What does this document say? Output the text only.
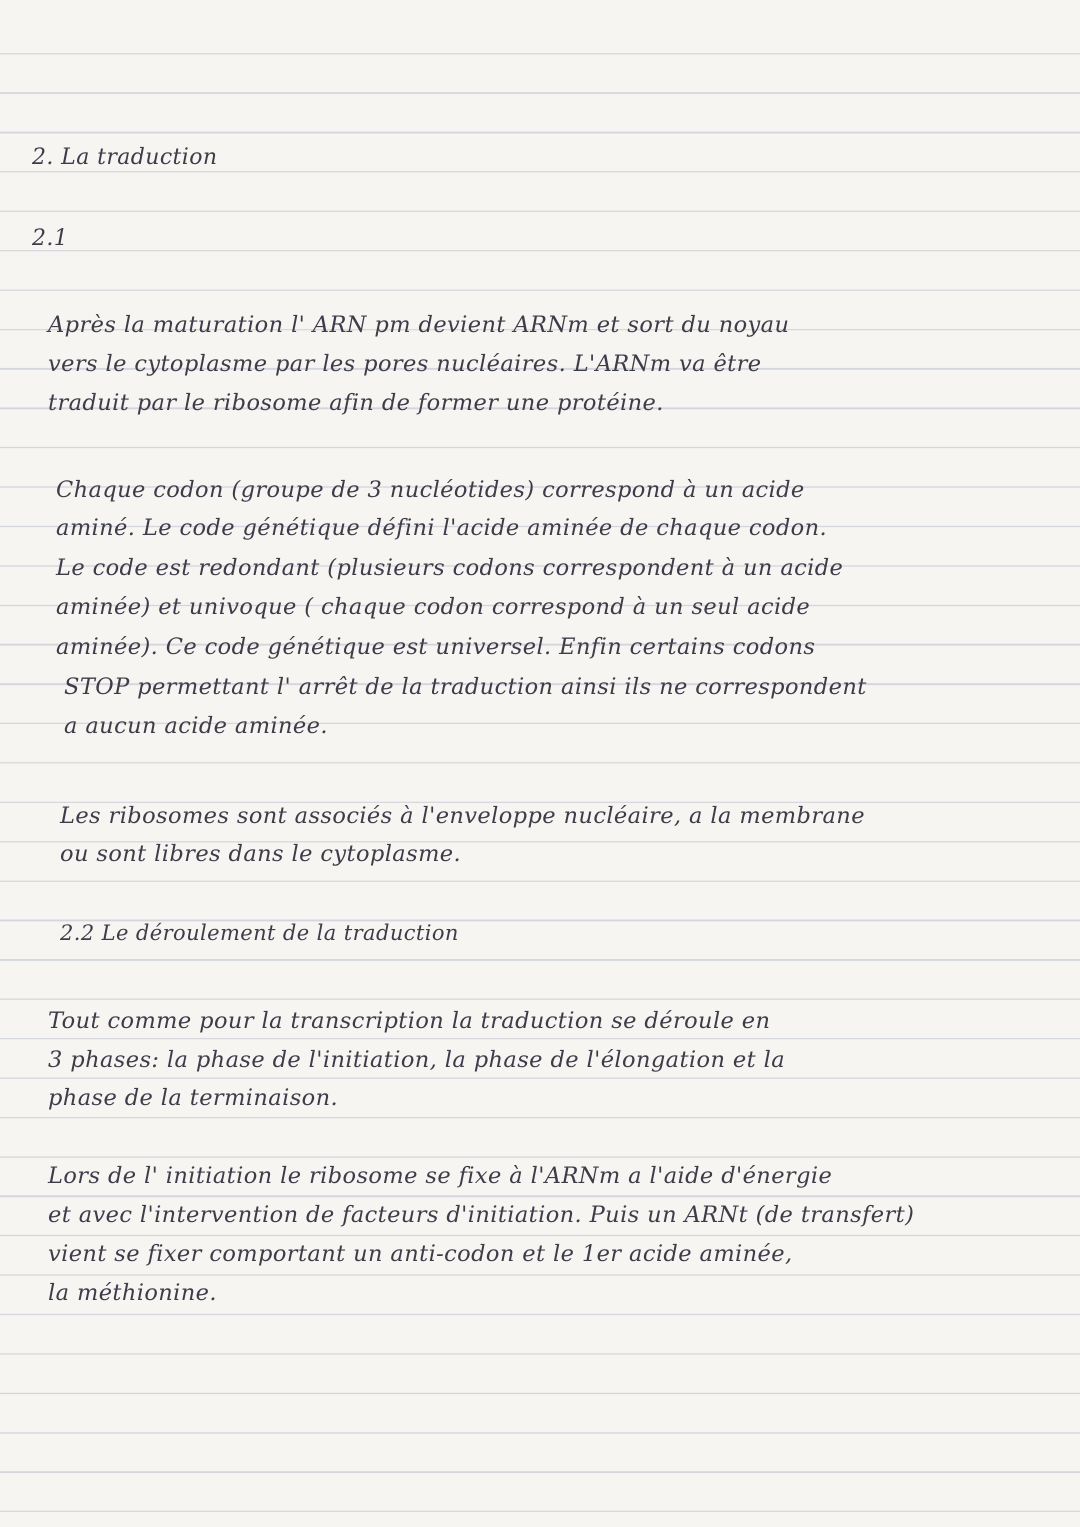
2. La traduction

2.1

Après la maturation l' ARN pm devient ARNm et sort du noyau

vers le cytoplasme par les pores nucléaires. L'ARNm va être

traduit par le ribosome afin de former une protéine.

Chaque codon (groupe de 3 nucléotides) correspond à un acide

aminé. Le code génétique défini l'acide aminée de chaque codon.

Le code est redondant (plusieurs codons correspondent à un acide

aminée) et univoque ( chaque codon correspond à un seul acide

aminée). Ce code génétique est universel. Enfin certains codons

STOP permettant l' arrêt de la traduction ainsi ils ne correspondent

a aucun acide aminée.

Les ribosomes sont associés à l'enveloppe nucléaire, a la membrane

ou sont libres dans le cytoplasme.

2.2 Le déroulement de la traduction

Tout comme pour la transcription la traduction se déroule en

3 phases: la phase de l'initiation, la phase de l'élongation et la

phase de la terminaison.

Lors de l' initiation le ribosome se fixe à l'ARNm a l'aide d'énergie

et avec l'intervention de facteurs d'initiation. Puis un ARNt (de transfert)

vient se fixer comportant un anti-codon et le 1er acide aminée,

la méthionine.
